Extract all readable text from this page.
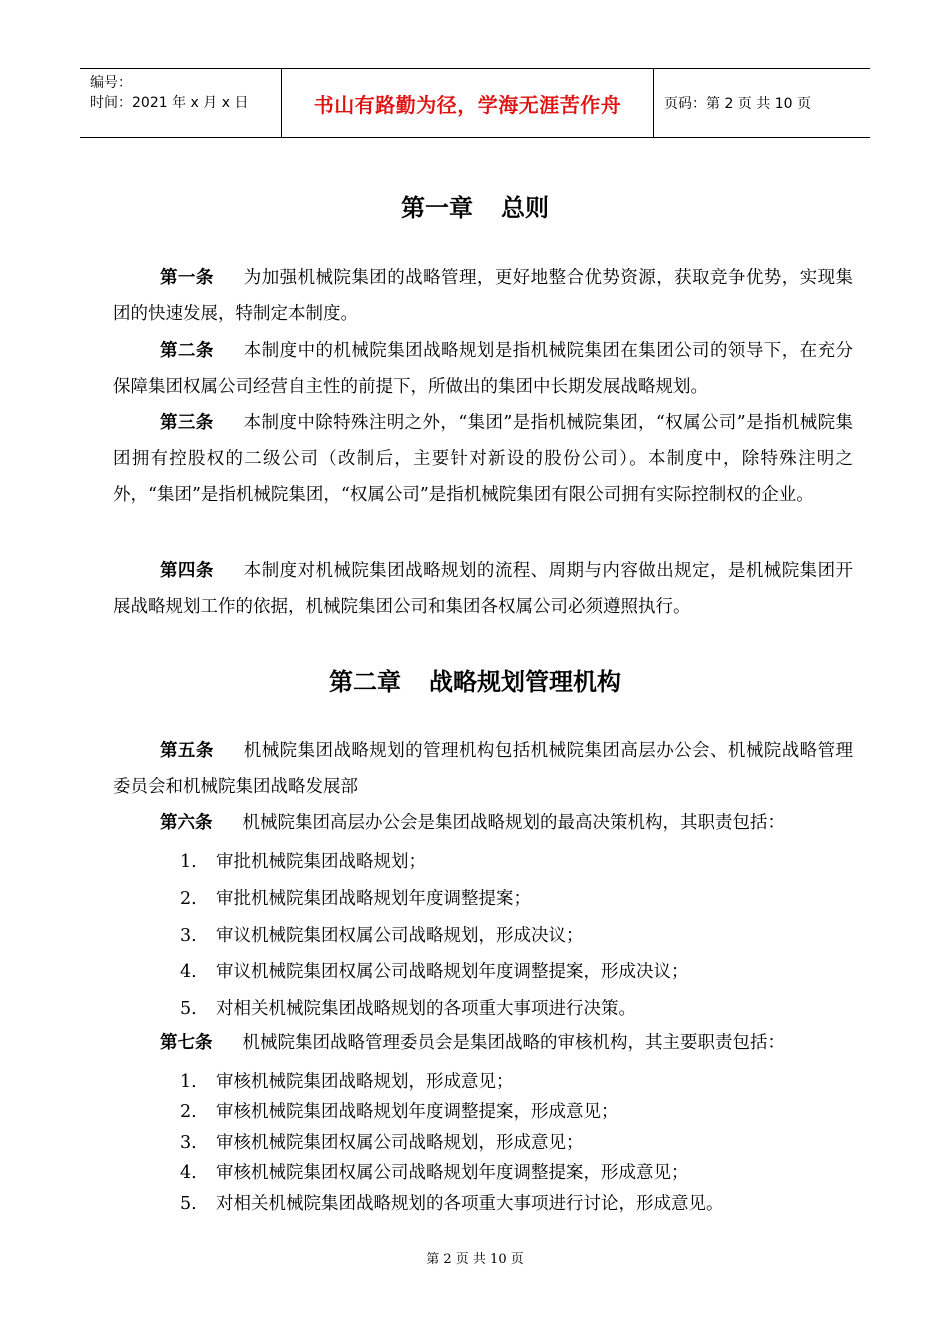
编号：
时间：2021 年 x 月 x 日	书山有路勤为径，学海无涯苦作舟	页码：第 2 页 共 10 页
第一章 总则
第一条 为加强机械院集团的战略管理，更好地整合优势资源，获取竞争优势，实现集团的快速发展，特制定本制度。
第二条 本制度中的机械院集团战略规划是指机械院集团在集团公司的领导下，在充分保障集团权属公司经营自主性的前提下，所做出的集团中长期发展战略规划。
第三条 本制度中除特殊注明之外，“集团”是指机械院集团，“权属公司”是指机械院集团拥有控股权的二级公司（改制后，主要针对新设的股份公司）。本制度中，除特殊注明之外，“集团”是指机械院集团，“权属公司”是指机械院集团有限公司拥有实际控制权的企业。
第四条 本制度对机械院集团战略规划的流程、周期与内容做出规定，是机械院集团开展战略规划工作的依据，机械院集团公司和集团各权属公司必须遵照执行。
第二章 战略规划管理机构
第五条 机械院集团战略规划的管理机构包括机械院集团高层办公会、机械院战略管理委员会和机械院集团战略发展部
第六条 机械院集团高层办公会是集团战略规划的最高决策机构，其职责包括：
1. 审批机械院集团战略规划；
2. 审批机械院集团战略规划年度调整提案；
3. 审议机械院集团权属公司战略规划，形成决议；
4. 审议机械院集团权属公司战略规划年度调整提案，形成决议；
5. 对相关机械院集团战略规划的各项重大事项进行决策。
第七条 机械院集团战略管理委员会是集团战略的审核机构，其主要职责包括：
1. 审核机械院集团战略规划，形成意见；
2. 审核机械院集团战略规划年度调整提案，形成意见；
3. 审核机械院集团权属公司战略规划，形成意见；
4. 审核机械院集团权属公司战略规划年度调整提案，形成意见；
5. 对相关机械院集团战略规划的各项重大事项进行讨论，形成意见。
第 2 页 共 10 页
